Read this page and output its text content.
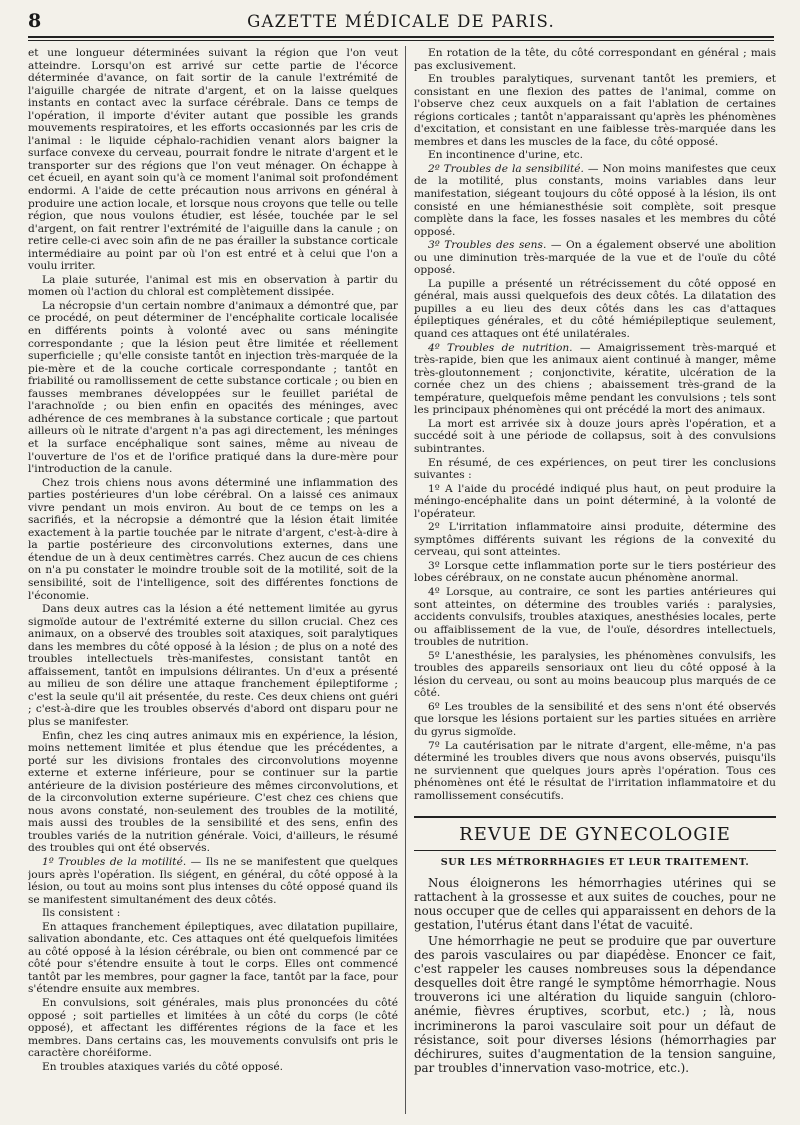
8	GAZETTE MÉDICALE DE PARIS.

et une longueur déterminées suivant la région que l'on veut atteindre. Lorsqu'on est arrivé sur cette partie de l'écorce déterminée d'avance, on fait sortir de la canule l'extrémité de l'aiguille chargée de nitrate d'argent, et on la laisse quelques instants en contact avec la surface cérébrale. Dans ce temps de l'opération, il importe d'éviter autant que possible les grands mouvements respiratoires, et les efforts occasionnés par les cris de l'animal : le liquide céphalo-rachidien venant alors baigner la surface convexe du cerveau, pourrait fondre le nitrate d'argent et le transporter sur des régions que l'on veut ménager. On échappe à cet écueil, en ayant soin qu'à ce moment l'animal soit profondément endormi. A l'aide de cette précaution nous arrivons en général à produire une action locale, et lorsque nous croyons que telle ou telle région, que nous voulons étudier, est lésée, touchée par le sel d'argent, on fait rentrer l'extrémité de l'aiguille dans la canule ; on retire celle-ci avec soin afin de ne pas érailler la substance corticale intermédiaire au point par où l'on est entré et à celui que l'on a voulu irriter.

La plaie suturée, l'animal est mis en observation à partir du momen où l'action du chloral est complètement dissipée.

La nécropsie d'un certain nombre d'animaux a démontré que, par ce procédé, on peut déterminer de l'encéphalite corticale localisée en différents points à volonté avec ou sans méningite correspondante ; que la lésion peut être limitée et réellement superficielle ; qu'elle consiste tantôt en injection très-marquée de la pie-mère et de la couche corticale correspondante ; tantôt en friabilité ou ramollissement de cette substance corticale ; ou bien en fausses membranes développées sur le feuillet pariétal de l'arachnoïde ; ou bien enfin en opacités des méninges, avec adhérence de ces membranes à la substance corticale ; que partout ailleurs où le nitrate d'argent n'a pas agi directement, les méninges et la surface encéphalique sont saines, même au niveau de l'ouverture de l'os et de l'orifice pratiqué dans la dure-mère pour l'introduction de la canule.

Chez trois chiens nous avons déterminé une inflammation des parties postérieures d'un lobe cérébral. On a laissé ces animaux vivre pendant un mois environ. Au bout de ce temps on les a sacrifiés, et la nécropsie a démontré que la lésion était limitée exactement à la partie touchée par le nitrate d'argent, c'est-à-dire à la partie postérieure des circonvolutions externes, dans une étendue de un à deux centimètres carrés. Chez aucun de ces chiens on n'a pu constater le moindre trouble soit de la motilité, soit de la sensibilité, soit de l'intelligence, soit des différentes fonctions de l'économie.

Dans deux autres cas la lésion a été nettement limitée au gyrus sigmoïde autour de l'extrémité externe du sillon crucial. Chez ces animaux, on a observé des troubles soit ataxiques, soit paralytiques dans les membres du côté opposé à la lésion ; de plus on a noté des troubles intellectuels très-manifestes, consistant tantôt en affaissement, tantôt en impulsions délirantes. Un d'eux a présenté au milieu de son délire une attaque franchement épileptiforme ; c'est la seule qu'il ait présentée, du reste. Ces deux chiens ont guéri ; c'est-à-dire que les troubles observés d'abord ont disparu pour ne plus se manifester.

Enfin, chez les cinq autres animaux mis en expérience, la lésion, moins nettement limitée et plus étendue que les précédentes, a porté sur les divisions frontales des circonvolutions moyenne externe et externe inférieure, pour se continuer sur la partie antérieure de la division postérieure des mêmes circonvolutions, et de la circonvolution externe supérieure. C'est chez ces chiens que nous avons constaté, non-seulement des troubles de la motilité, mais aussi des troubles de la sensibilité et des sens, enfin des troubles variés de la nutrition générale. Voici, d'ailleurs, le résumé des troubles qui ont été observés.

1º Troubles de la motilité. — Ils ne se manifestent que quelques jours après l'opération. Ils siégent, en général, du côté opposé à la lésion, ou tout au moins sont plus intenses du côté opposé quand ils se manifestent simultanément des deux côtés.

Ils consistent :

En attaques franchement épileptiques, avec dilatation pupillaire, salivation abondante, etc. Ces attaques ont été quelquefois limitées au côté opposé à la lésion cérébrale, ou bien ont commencé par ce côté pour s'étendre ensuite à tout le corps. Elles ont commencé tantôt par les membres, pour gagner la face, tantôt par la face, pour s'étendre ensuite aux membres.

En convulsions, soit générales, mais plus prononcées du côté opposé ; soit partielles et limitées à un côté du corps (le côté opposé), et affectant les différentes régions de la face et les membres. Dans certains cas, les mouvements convulsifs ont pris le caractère choréiforme.

En troubles ataxiques variés du côté opposé.

En rotation de la tête, du côté correspondant en général ; mais pas exclusivement.

En troubles paralytiques, survenant tantôt les premiers, et consistant en une flexion des pattes de l'animal, comme on l'observe chez ceux auxquels on a fait l'ablation de certaines régions corticales ; tantôt n'apparaissant qu'après les phénomènes d'excitation, et consistant en une faiblesse très-marquée dans les membres et dans les muscles de la face, du côté opposé.

En incontinence d'urine, etc.

2º Troubles de la sensibilité. — Non moins manifestes que ceux de la motilité, plus constants, moins variables dans leur manifestation, siégeant toujours du côté opposé à la lésion, ils ont consisté en une hémianesthésie soit complète, soit presque complète dans la face, les fosses nasales et les membres du côté opposé.

3º Troubles des sens. — On a également observé une abolition ou une diminution très-marquée de la vue et de l'ouïe du côté opposé.

La pupille a présenté un rétrécissement du côté opposé en général, mais aussi quelquefois des deux côtés. La dilatation des pupilles a eu lieu des deux côtés dans les cas d'attaques épileptiques générales, et du côté hémiépileptique seulement, quand ces attaques ont été unilatérales.

4º Troubles de nutrition. — Amaigrissement très-marqué et très-rapide, bien que les animaux aient continué à manger, même très-gloutonnement ; conjonctivite, kératite, ulcération de la cornée chez un des chiens ; abaissement très-grand de la température, quelquefois même pendant les convulsions ; tels sont les principaux phénomènes qui ont précédé la mort des animaux.

La mort est arrivée six à douze jours après l'opération, et a succédé soit à une période de collapsus, soit à des convulsions subintrantes.

En résumé, de ces expériences, on peut tirer les conclusions suivantes :

1º A l'aide du procédé indiqué plus haut, on peut produire la méningo-encéphalite dans un point déterminé, à la volonté de l'opérateur.

2º L'irritation inflammatoire ainsi produite, détermine des symptômes différents suivant les régions de la convexité du cerveau, qui sont atteintes.

3º Lorsque cette inflammation porte sur le tiers postérieur des lobes cérébraux, on ne constate aucun phénomène anormal.

4º Lorsque, au contraire, ce sont les parties antérieures qui sont atteintes, on détermine des troubles variés : paralysies, accidents convulsifs, troubles ataxiques, anesthésies locales, perte ou affaiblissement de la vue, de l'ouïe, désordres intellectuels, troubles de nutrition.

5º L'anesthésie, les paralysies, les phénomènes convulsifs, les troubles des appareils sensoriaux ont lieu du côté opposé à la lésion du cerveau, ou sont au moins beaucoup plus marqués de ce côté.

6º Les troubles de la sensibilité et des sens n'ont été observés que lorsque les lésions portaient sur les parties situées en arrière du gyrus sigmoïde.

7º La cautérisation par le nitrate d'argent, elle-même, n'a pas déterminé les troubles divers que nous avons observés, puisqu'ils ne surviennent que quelques jours après l'opération. Tous ces phénomènes ont été le résultat de l'irritation inflammatoire et du ramollissement consécutifs.

REVUE DE GYNECOLOGIE
SUR LES MÉTRORRHAGIES ET LEUR TRAITEMENT.

Nous éloignerons les hémorrhagies utérines qui se rattachent à la grossesse et aux suites de couches, pour ne nous occuper que de celles qui apparaissent en dehors de la gestation, l'utérus étant dans l'état de vacuité.

Une hémorrhagie ne peut se produire que par ouverture des parois vasculaires ou par diapédèse. Enoncer ce fait, c'est rappeler les causes nombreuses sous la dépendance desquelles doit être rangé le symptôme hémorrhagie. Nous trouverons ici une altération du liquide sanguin (chloro-anémie, fièvres éruptives, scorbut, etc.) ; là, nous incriminerons la paroi vasculaire soit pour un défaut de résistance, soit pour diverses lésions (hémorrhagies par déchirures, suites d'augmentation de la tension sanguine, par troubles d'innervation vaso-motrice, etc.).
